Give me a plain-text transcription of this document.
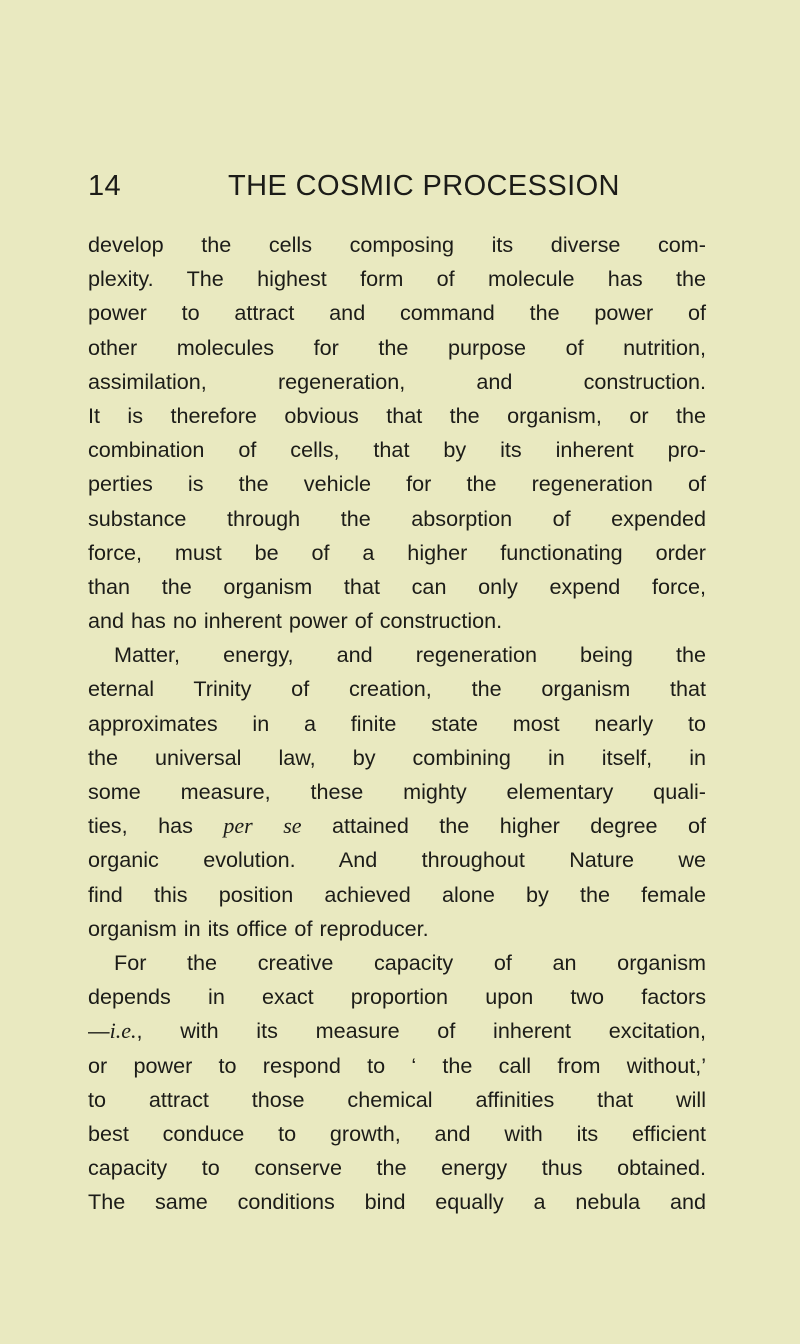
14	THE COSMIC PROCESSION
develop the cells composing its diverse com-
plexity. The highest form of molecule has the
power to attract and command the power of
other molecules for the purpose of nutrition,
assimilation, regeneration, and construction.
It is therefore obvious that the organism, or the
combination of cells, that by its inherent pro-
perties is the vehicle for the regeneration of
substance through the absorption of expended
force, must be of a higher functionating order
than the organism that can only expend force,
and has no inherent power of construction.
Matter, energy, and regeneration being the
eternal Trinity of creation, the organism that
approximates in a finite state most nearly to
the universal law, by combining in itself, in
some measure, these mighty elementary quali-
ties, has per se attained the higher degree of
organic evolution. And throughout Nature we
find this position achieved alone by the female
organism in its office of reproducer.
For the creative capacity of an organism
depends in exact proportion upon two factors
—i.e., with its measure of inherent excitation,
or power to respond to ‘ the call from without,’
to attract those chemical affinities that will
best conduce to growth, and with its efficient
capacity to conserve the energy thus obtained.
The same conditions bind equally a nebula and
